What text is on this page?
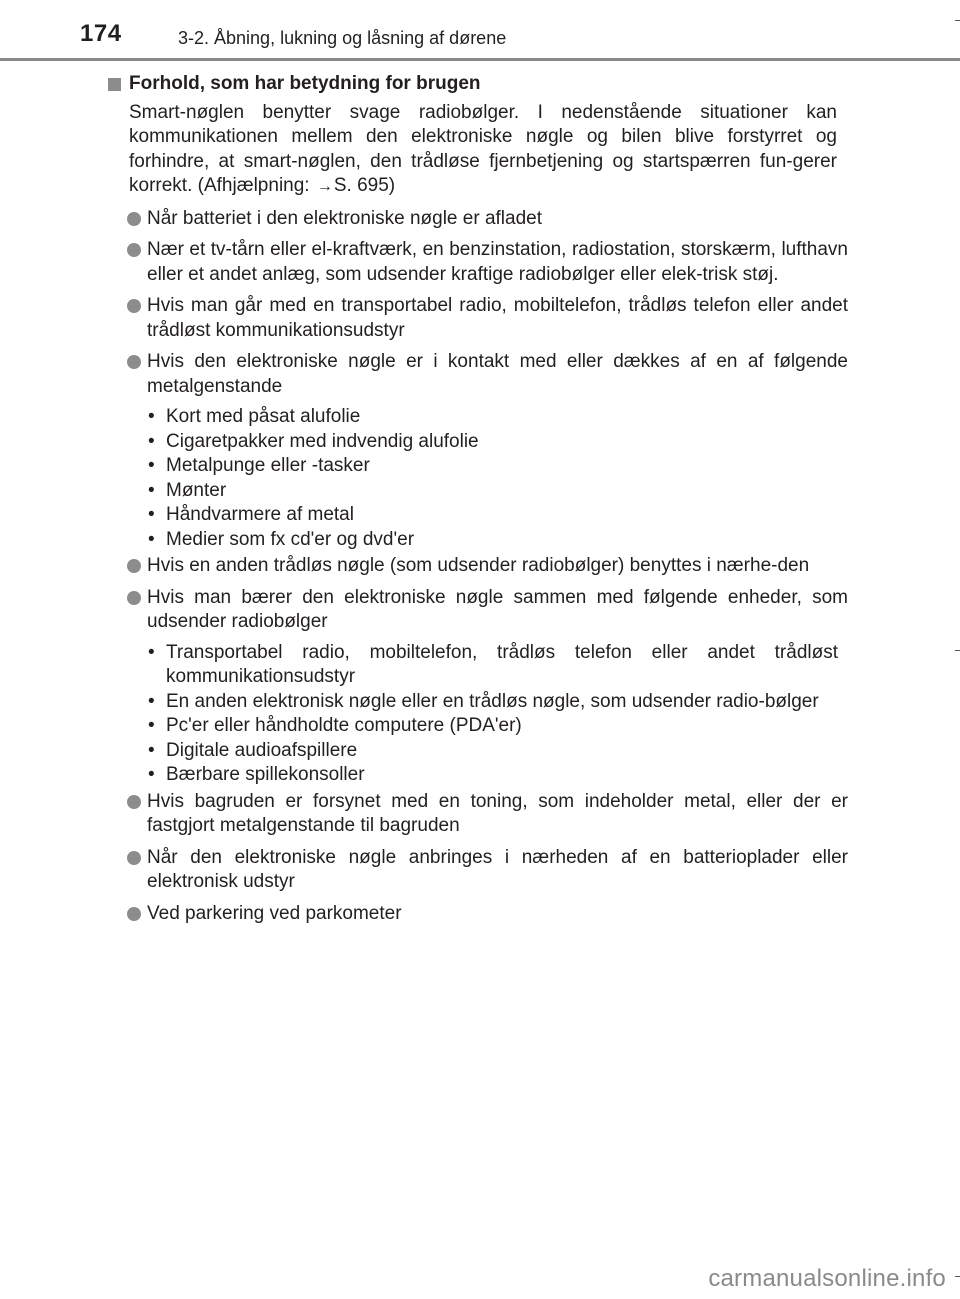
174	3-2. Åbning, lukning og låsning af dørene
Forhold, som har betydning for brugen
Smart-nøglen benytter svage radiobølger. I nedenstående situationer kan kommunikationen mellem den elektroniske nøgle og bilen blive forstyrret og forhindre, at smart-nøglen, den trådløse fjernbetjening og startspærren fun-gerer korrekt. (Afhjælpning: →S. 695)
Når batteriet i den elektroniske nøgle er afladet
Nær et tv-tårn eller el-kraftværk, en benzinstation, radiostation, storskærm, lufthavn eller et andet anlæg, som udsender kraftige radiobølger eller elek-trisk støj.
Hvis man går med en transportabel radio, mobiltelefon, trådløs telefon eller andet trådløst kommunikationsudstyr
Hvis den elektroniske nøgle er i kontakt med eller dækkes af en af følgende metalgenstande
• Kort med påsat alufolie
• Cigaretpakker med indvendig alufolie
• Metalpunge eller -tasker
• Mønter
• Håndvarmere af metal
• Medier som fx cd'er og dvd'er
Hvis en anden trådløs nøgle (som udsender radiobølger) benyttes i nærhe-den
Hvis man bærer den elektroniske nøgle sammen med følgende enheder, som udsender radiobølger
• Transportabel radio, mobiltelefon, trådløs telefon eller andet trådløst kommunikationsudstyr
• En anden elektronisk nøgle eller en trådløs nøgle, som udsender radio-bølger
• Pc'er eller håndholdte computere (PDA'er)
• Digitale audioafspillere
• Bærbare spillekonsoller
Hvis bagruden er forsynet med en toning, som indeholder metal, eller der er fastgjort metalgenstande til bagruden
Når den elektroniske nøgle anbringes i nærheden af en batterioplader eller elektronisk udstyr
Ved parkering ved parkometer
carmanualsonline.info
